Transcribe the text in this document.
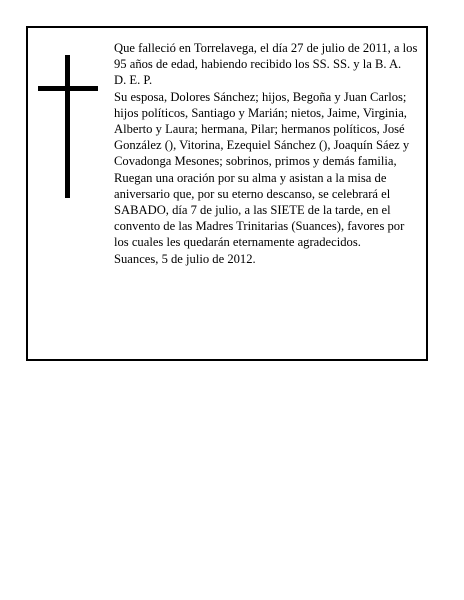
Que falleció en Torrelavega, el día 27 de julio de 2011, a los 95 años de edad, habiendo recibido los SS. SS. y la B. A.

D. E. P.

Su esposa, Dolores Sánchez; hijos, Begoña y Juan Carlos; hijos políticos, Santiago y Marián; nietos, Jaime, Virginia, Alberto y Laura; hermana, Pilar; hermanos políticos, José González (), Vitorina, Ezequiel Sánchez (), Joaquín Sáez y Covadonga Mesones; sobrinos, primos y demás familia,

Ruegan una oración por su alma y asistan a la misa de aniversario que, por su eterno descanso, se celebrará el SABADO, día 7 de julio, a las SIETE de la tarde, en el convento de las Madres Trinitarias (Suances), favores por los cuales les quedarán eternamente agradecidos.

Suances, 5 de julio de 2012.
